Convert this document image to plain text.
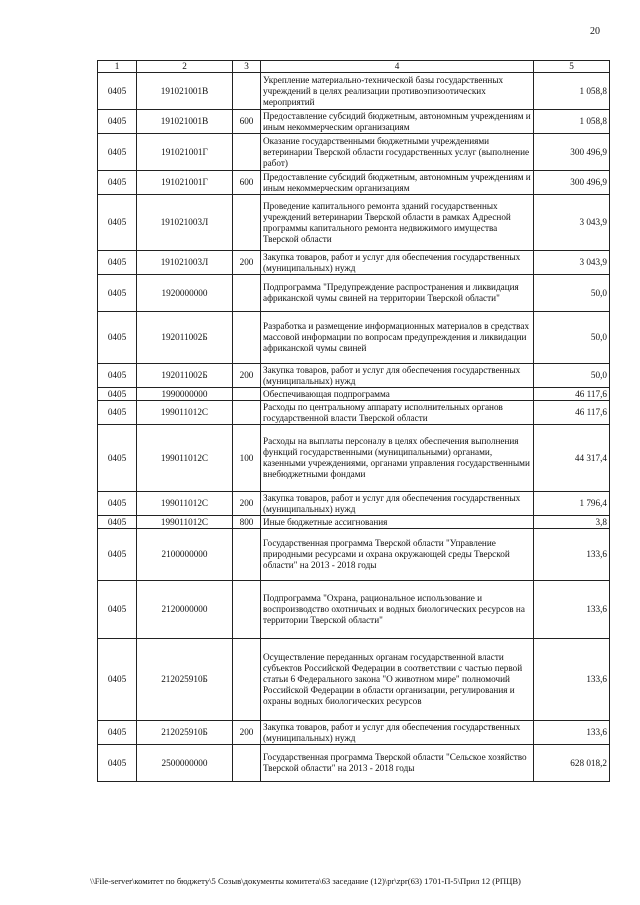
20
1	2	3	4	5
0405	191021001В		Укрепление материально-технической базы государственных учреждений в целях реализации противоэпизоотических мероприятий	1 058,8
0405	191021001В	600	Предоставление субсидий бюджетным, автономным учреждениям и иным некоммерческим организациям	1 058,8
0405	191021001Г		Оказание государственными бюджетными учреждениями ветеринарии Тверской области государственных услуг (выполнение работ)	300 496,9
0405	191021001Г	600	Предоставление субсидий бюджетным, автономным учреждениям и иным некоммерческим организациям	300 496,9
0405	191021003Л		Проведение капитального ремонта зданий государственных учреждений ветеринарии Тверской области в рамках Адресной программы капитального ремонта недвижимого имущества Тверской области	3 043,9
0405	191021003Л	200	Закупка товаров, работ и услуг для обеспечения государственных (муниципальных) нужд	3 043,9
0405	1920000000		Подпрограмма "Предупреждение распространения и ликвидация африканской чумы свиней на территории Тверской области"	50,0
0405	192011002Б		Разработка и размещение информационных материалов в средствах массовой информации по вопросам предупреждения и ликвидации африканской чумы свиней	50,0
0405	192011002Б	200	Закупка товаров, работ и услуг для обеспечения государственных (муниципальных) нужд	50,0
0405	1990000000		Обеспечивающая подпрограмма	46 117,6
0405	199011012С		Расходы по центральному аппарату исполнительных органов государственной власти Тверской области	46 117,6
0405	199011012С	100	Расходы на выплаты персоналу в целях обеспечения выполнения функций государственными (муниципальными) органами, казенными учреждениями, органами управления государственными внебюджетными фондами	44 317,4
0405	199011012С	200	Закупка товаров, работ и услуг для обеспечения государственных (муниципальных) нужд	1 796,4
0405	199011012С	800	Иные бюджетные ассигнования	3,8
0405	2100000000		Государственная программа Тверской области "Управление природными ресурсами и охрана окружающей среды Тверской области" на 2013 - 2018 годы	133,6
0405	2120000000		Подпрограмма "Охрана, рациональное использование и воспроизводство охотничьих и водных биологических ресурсов на территории Тверской области"	133,6
0405	212025910Б		Осуществление переданных органам государственной власти субъектов Российской Федерации в соответствии с частью первой статьи 6 Федерального закона "О животном мире" полномочий Российской Федерации в области организации, регулирования и охраны водных биологических ресурсов	133,6
0405	212025910Б	200	Закупка товаров, работ и услуг для обеспечения государственных (муниципальных) нужд	133,6
0405	2500000000		Государственная программа Тверской области "Сельское хозяйство Тверской области" на 2013 - 2018 годы	628 018,2
\\File-server\комитет по бюджету\5 Созыв\документы комитета\63 заседание (12)\pr\zpr(63) 1701-П-5\Прил 12 (РПЦВ)
